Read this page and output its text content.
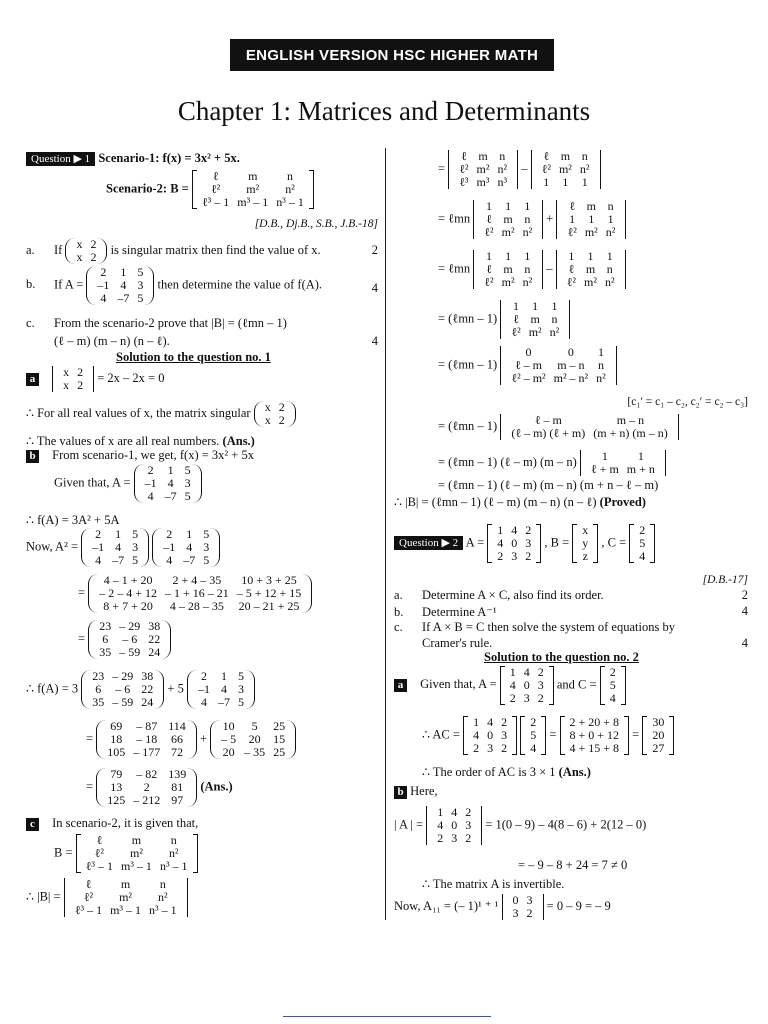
ENGLISH VERSION HSC HIGHER MATH
Chapter 1: Matrices and Determinants
Question ▶ 1 Scenario-1: f(x) = 3x² + 5x.
Scenario-2: B =
ℓ	m	n
ℓ²	m²	n²
ℓ³ – 1	m³ – 1	n³ – 1
[D.B., Dj.B., S.B., J.B.-18]
a. If x	2
x	2
is singular matrix then find the value of x.	2
b. If A =
2	1	5
–1	4	3
4	–7	5
then determine the value of f(A).	4
c. From the scenario-2 prove that |B| = (ℓmn – 1)
(ℓ – m) (m – n) (n – ℓ).	4
Solution to the question no. 1
a x	2
x	2
= 2x – 2x = 0
∴ For all real values of x, the matrix singular x	2
x	2
∴ The values of x are all real numbers. (Ans.)
b From scenario-1, we get, f(x) = 3x² + 5x
Given that, A =
2	1	5
–1	4	3
4	–7	5
∴ f(A) = 3A² + 5A
Now, A² =
2	1	5
–1	4	3
4	–7	5

2	1	5
–1	4	3
4	–7	5
=
4 – 1 + 20	2 + 4 – 35	10 + 3 + 25
– 2 – 4 + 12	– 1 + 16 – 21	– 5 + 12 + 15
8 + 7 + 20	4 – 28 – 35	20 – 21 + 25
=
23	– 29	38
6	– 6	22
35	– 59	24
∴ f(A) = 3
23	– 29	38
6	– 6	22
35	– 59	24
+ 5
2	1	5
–1	4	3
4	–7	5
=
69	– 87	114
18	– 18	66
105	– 177	72
+
10	5	25
– 5	20	15
20	– 35	25
=
79	– 82	139
13	2	81
125	– 212	97
(Ans.)
c In scenario-2, it is given that,
B =
ℓ	m	n
ℓ²	m²	n²
ℓ³ – 1	m³ – 1	n³ – 1
∴ |B| =
ℓ	m	n
ℓ²	m²	n²
ℓ³ – 1	m³ – 1	n³ – 1
=
ℓ	m	n
ℓ²	m²	n²
ℓ³	m³	n³
–
ℓ	m	n
ℓ²	m²	n²
1	1	1
= ℓmn
1	1	1
ℓ	m	n
ℓ²	m²	n²
+
ℓ	m	n
1	1	1
ℓ²	m²	n²
= ℓmn
1	1	1
ℓ	m	n
ℓ²	m²	n²
–
1	1	1
ℓ	m	n
ℓ²	m²	n²
= (ℓmn – 1)
1	1	1
ℓ	m	n
ℓ²	m²	n²
= (ℓmn – 1)
0	0	1
ℓ – m	m – n	n
ℓ² – m²	m² – n²	n²
[c₁′ = c₁ – c₂, c₂′ = c₂ – c₃]
= (ℓmn – 1)	ℓ – m	m – n
(ℓ – m) (ℓ + m)	(m + n) (m – n)
= (ℓmn – 1) (ℓ – m) (m – n) 1	1
ℓ + m	m + n
= (ℓmn – 1) (ℓ – m) (m – n) (m + n – ℓ – m)
∴ |B| = (ℓmn – 1) (ℓ – m) (m – n) (n – ℓ) (Proved)
Question ▶ 2 A =
1	4	2
4	0	3
2	3	2
, B =
x
y
z
, C =
2
5
4
[D.B.-17]
a. Determine A × C, also find its order.	2
b. Determine A⁻¹	4
c. If A × B = C then solve the system of equations by
Cramer's rule.	4
Solution to the question no. 2
a Given that, A =
1	4	2
4	0	3
2	3	2
and C =
2
5
4
∴ AC =
1	4	2
4	0	3
2	3	2

2
5
4
=
2 + 20 + 8
8 + 0 + 12
4 + 15 + 8
=
30
20
27
∴ The order of AC is 3 × 1 (Ans.)
b Here,
| A | =
1	4	2
4	0	3
2	3	2
= 1(0 – 9) – 4(8 – 6) + 2(12 – 0)
= – 9 – 8 + 24 = 7 ≠ 0
∴ The matrix A is invertible.
Now, A₁₁ = (– 1)¹ ⁺ ¹ 0	3
3	2
= 0 – 9 = – 9
